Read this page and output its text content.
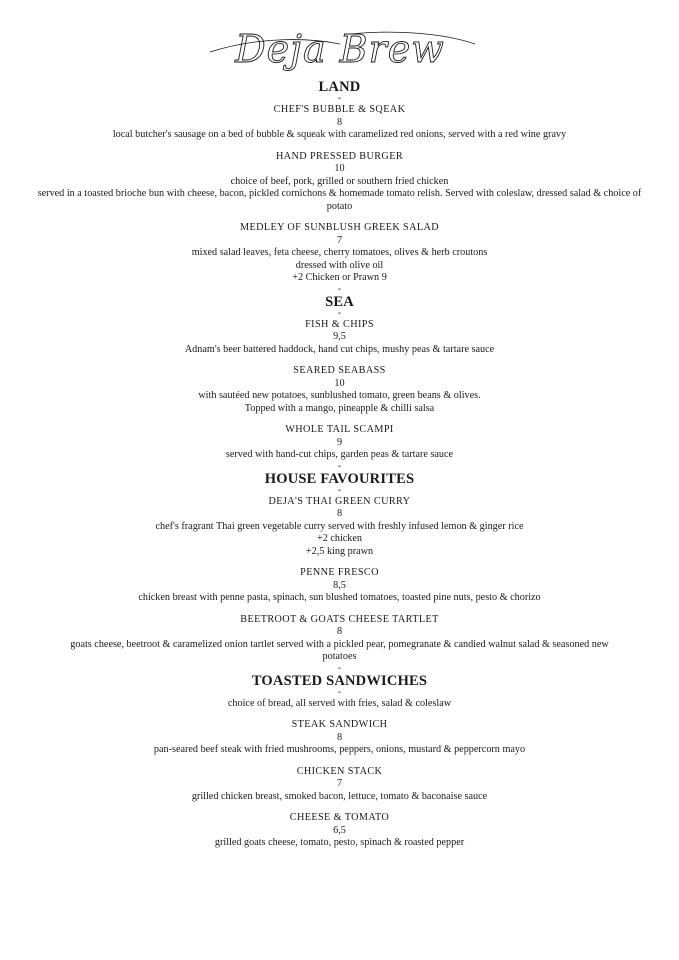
Deja Brew
LAND
-

CHEF'S BUBBLE & SQEAK

8

local butcher's sausage on a bed of bubble & squeak with caramelized red onions, served with a red wine gravy

HAND PRESSED BURGER

10

choice of beef, pork, grilled or southern fried chicken

served in a toasted brioche bun with cheese, bacon, pickled cornichons & homemade tomato relish. Served with coleslaw, dressed salad & choice of potato

MEDLEY OF SUNBLUSH GREEK SALAD

7

mixed salad leaves, feta cheese, cherry tomatoes, olives & herb croutons

dressed with olive oil

+2 Chicken or Prawn 9

-
SEA
-

FISH & CHIPS

9,5

Adnam's beer battered haddock, hand cut chips, mushy peas & tartare sauce

SEARED SEABASS

10

with sautéed new potatoes, sunblushed tomato, green beans & olives.

Topped with a mango, pineapple & chilli salsa

WHOLE TAIL SCAMPI

9

served with hand-cut chips, garden peas & tartare sauce

-
HOUSE FAVOURITES
-

DEJA'S THAI GREEN CURRY

8

chef's fragrant Thai green vegetable curry served with freshly infused lemon & ginger rice

+2 chicken

+2,5 king prawn

PENNE FRESCO

8,5

chicken breast with penne pasta, spinach, sun blushed tomatoes, toasted pine nuts, pesto & chorizo

BEETROOT & GOATS CHEESE TARTLET

8

goats cheese, beetroot & caramelized onion tartlet served with a pickled pear, pomegranate & candied walnut salad & seasoned new potatoes

-
TOASTED SANDWICHES
-

choice of bread, all served with fries, salad & coleslaw

STEAK SANDWICH

8

pan-seared beef steak with fried mushrooms, peppers, onions, mustard & peppercorn mayo

CHICKEN STACK

7

grilled chicken breast, smoked bacon, lettuce, tomato & baconaise sauce

CHEESE & TOMATO

6,5

grilled goats cheese, tomato, pesto, spinach & roasted pepper
